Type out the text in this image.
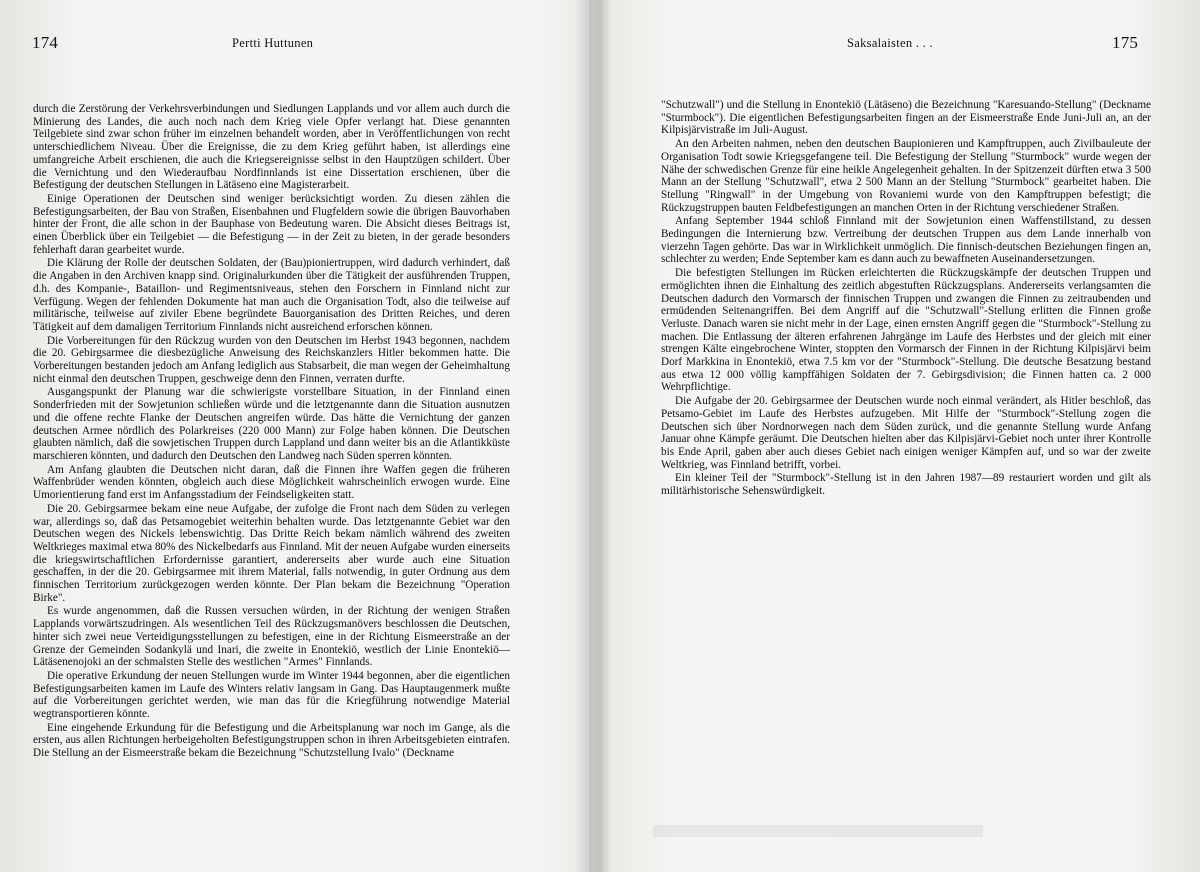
174	Pertti Huttunen

durch die Zerstörung der Verkehrsverbindungen und Siedlungen Lapplands und vor allem auch durch die Minierung des Landes, die auch noch nach dem Krieg viele Opfer verlangt hat. Diese genannten Teilgebiete sind zwar schon früher im einzelnen behandelt worden, aber in Veröffentlichungen von recht unterschiedlichem Niveau. Über die Ereignisse, die zu dem Krieg geführt haben, ist allerdings eine umfangreiche Arbeit erschienen, die auch die Kriegsereignisse selbst in den Hauptzügen schildert. Über die Vernichtung und den Wiederaufbau Nordfinnlands ist eine Dissertation erschienen, über die Befestigung der deutschen Stellungen in Lätäseno eine Magisterarbeit.

Einige Operationen der Deutschen sind weniger berücksichtigt worden. Zu diesen zählen die Befestigungsarbeiten, der Bau von Straßen, Eisenbahnen und Flugfeldern sowie die übrigen Bauvorhaben hinter der Front, die alle schon in der Bauphase von Bedeutung waren. Die Absicht dieses Beitrags ist, einen Überblick über ein Teilgebiet — die Befestigung — in der Zeit zu bieten, in der gerade besonders fehlerhaft daran gearbeitet wurde.

Die Klärung der Rolle der deutschen Soldaten, der (Bau)pioniertruppen, wird dadurch verhindert, daß die Angaben in den Archiven knapp sind. Originalurkunden über die Tätigkeit der ausführenden Truppen, d.h. des Kompanie-, Bataillon- und Regimentsniveaus, stehen den Forschern in Finnland nicht zur Verfügung. Wegen der fehlenden Dokumente hat man auch die Organisation Todt, also die teilweise auf militärische, teilweise auf ziviler Ebene begründete Bauorganisation des Dritten Reiches, und deren Tätigkeit auf dem damaligen Territorium Finnlands nicht ausreichend erforschen können.

Die Vorbereitungen für den Rückzug wurden von den Deutschen im Herbst 1943 begonnen, nachdem die 20. Gebirgsarmee die diesbezügliche Anweisung des Reichskanzlers Hitler bekommen hatte. Die Vorbereitungen bestanden jedoch am Anfang lediglich aus Stabsarbeit, die man wegen der Geheimhaltung nicht einmal den deutschen Truppen, geschweige denn den Finnen, verraten durfte.

Ausgangspunkt der Planung war die schwierigste vorstellbare Situation, in der Finnland einen Sonderfrieden mit der Sowjetunion schließen würde und die letztgenannte dann die Situation ausnutzen und die offene rechte Flanke der Deutschen angreifen würde. Das hätte die Vernichtung der ganzen deutschen Armee nördlich des Polarkreises (220 000 Mann) zur Folge haben können. Die Deutschen glaubten nämlich, daß die sowjetischen Truppen durch Lappland und dann weiter bis an die Atlantikküste marschieren könnten, und dadurch den Deutschen den Landweg nach Süden sperren könnten.

Am Anfang glaubten die Deutschen nicht daran, daß die Finnen ihre Waffen gegen die früheren Waffenbrüder wenden könnten, obgleich auch diese Möglichkeit wahrscheinlich erwogen wurde. Eine Umorientierung fand erst im Anfangsstadium der Feindseligkeiten statt.

Die 20. Gebirgsarmee bekam eine neue Aufgabe, der zufolge die Front nach dem Süden zu verlegen war, allerdings so, daß das Petsamogebiet weiterhin behalten wurde. Das letztgenannte Gebiet war den Deutschen wegen des Nickels lebenswichtig. Das Dritte Reich bekam nämlich während des zweiten Weltkrieges maximal etwa 80% des Nickelbedarfs aus Finnland. Mit der neuen Aufgabe wurden einerseits die kriegswirtschaftlichen Erfordernisse garantiert, andererseits aber wurde auch eine Situation geschaffen, in der die 20. Gebirgsarmee mit ihrem Material, falls notwendig, in guter Ordnung aus dem finnischen Territorium zurückgezogen werden könnte. Der Plan bekam die Bezeichnung "Operation Birke".

Es wurde angenommen, daß die Russen versuchen würden, in der Richtung der wenigen Straßen Lapplands vorwärtszudringen. Als wesentlichen Teil des Rückzugsmanövers beschlossen die Deutschen, hinter sich zwei neue Verteidigungsstellungen zu befestigen, eine in der Richtung Eismeerstraße an der Grenze der Gemeinden Sodankylä und Inari, die zweite in Enontekiö, westlich der Linie Enontekiö—Lätäsenenojoki an der schmalsten Stelle des westlichen "Armes" Finnlands.

Die operative Erkundung der neuen Stellungen wurde im Winter 1944 begonnen, aber die eigentlichen Befestigungsarbeiten kamen im Laufe des Winters relativ langsam in Gang. Das Hauptaugenmerk mußte auf die Vorbereitungen gerichtet werden, wie man das für die Kriegführung notwendige Material wegtransportieren könnte.

Eine eingehende Erkundung für die Befestigung und die Arbeitsplanung war noch im Gange, als die ersten, aus allen Richtungen herbeigeholten Befestigungstruppen schon in ihren Arbeitsgebieten eintrafen. Die Stellung an der Eismeerstraße bekam die Bezeichnung "Schutzstellung Ivalo" (Deckname

Saksalaisten . . .	175

"Schutzwall") und die Stellung in Enontekiö (Lätäseno) die Bezeichnung "Karesuando-Stellung" (Deckname "Sturmbock"). Die eigentlichen Befestigungsarbeiten fingen an der Eismeerstraße Ende Juni-Juli an, an der Kilpisjärvistraße im Juli-August.

An den Arbeiten nahmen, neben den deutschen Baupionieren und Kampftruppen, auch Zivilbauleute der Organisation Todt sowie Kriegsgefangene teil. Die Befestigung der Stellung "Sturmbock" wurde wegen der Nähe der schwedischen Grenze für eine heikle Angelegenheit gehalten. In der Spitzenzeit dürften etwa 3 500 Mann an der Stellung "Schutzwall", etwa 2 500 Mann an der Stellung "Sturmbock" gearbeitet haben. Die Stellung "Ringwall" in der Umgebung von Rovaniemi wurde von den Kampftruppen befestigt; die Rückzugstruppen bauten Feldbefestigungen an manchen Orten in der Richtung verschiedener Straßen.

Anfang September 1944 schloß Finnland mit der Sowjetunion einen Waffenstillstand, zu dessen Bedingungen die Internierung bzw. Vertreibung der deutschen Truppen aus dem Lande innerhalb von vierzehn Tagen gehörte. Das war in Wirklichkeit unmöglich. Die finnisch-deutschen Beziehungen fingen an, schlechter zu werden; Ende September kam es dann auch zu bewaffneten Auseinandersetzungen.

Die befestigten Stellungen im Rücken erleichterten die Rückzugskämpfe der deutschen Truppen und ermöglichten ihnen die Einhaltung des zeitlich abgestuften Rückzugsplans. Andererseits verlangsamten die Deutschen dadurch den Vormarsch der finnischen Truppen und zwangen die Finnen zu zeitraubenden und ermüdenden Seitenangriffen. Bei dem Angriff auf die "Schutzwall"-Stellung erlitten die Finnen große Verluste. Danach waren sie nicht mehr in der Lage, einen ernsten Angriff gegen die "Sturmbock"-Stellung zu machen. Die Entlassung der älteren erfahrenen Jahrgänge im Laufe des Herbstes und der gleich mit einer strengen Kälte eingebrochene Winter, stoppten den Vormarsch der Finnen in der Richtung Kilpisjärvi beim Dorf Markkina in Enontekiö, etwa 7.5 km vor der "Sturmbock"-Stellung. Die deutsche Besatzung bestand aus etwa 12 000 völlig kampffähigen Soldaten der 7. Gebirgsdivision; die Finnen hatten ca. 2 000 Wehrpflichtige.

Die Aufgabe der 20. Gebirgsarmee der Deutschen wurde noch einmal verändert, als Hitler beschloß, das Petsamo-Gebiet im Laufe des Herbstes aufzugeben. Mit Hilfe der "Sturmbock"-Stellung zogen die Deutschen sich über Nordnorwegen nach dem Süden zurück, und die genannte Stellung wurde Anfang Januar ohne Kämpfe geräumt. Die Deutschen hielten aber das Kilpisjärvi-Gebiet noch unter ihrer Kontrolle bis Ende April, gaben aber auch dieses Gebiet nach einigen weniger Kämpfen auf, und so war der zweite Weltkrieg, was Finnland betrifft, vorbei.

Ein kleiner Teil der "Sturmbock"-Stellung ist in den Jahren 1987—89 restauriert worden und gilt als militärhistorische Sehenswürdigkeit.
